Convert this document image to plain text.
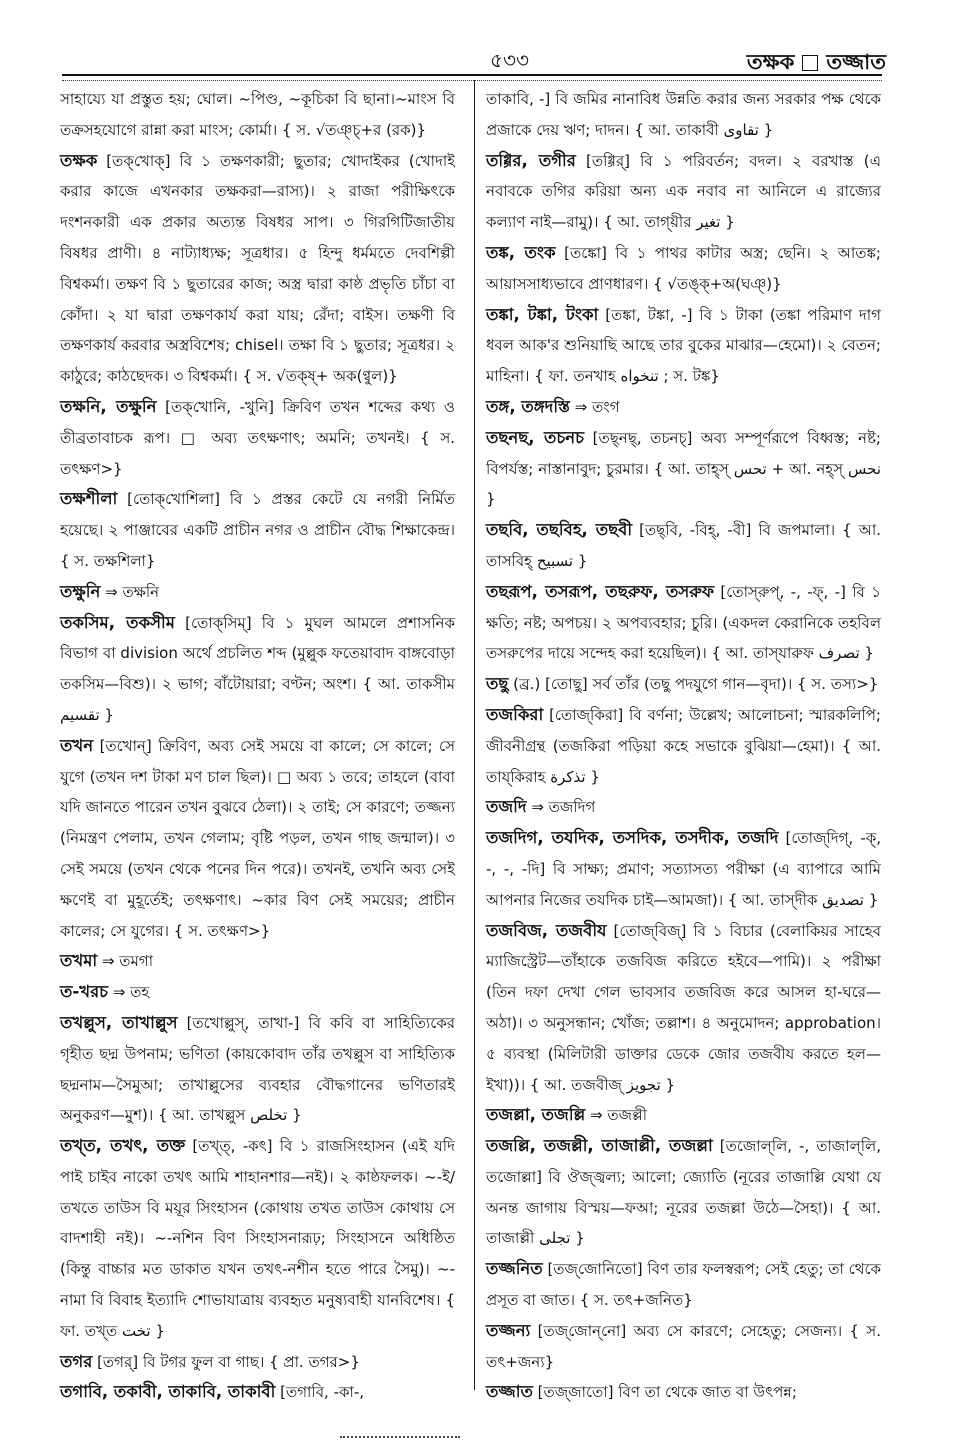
৫৩৩	তক্ষক তজ্জাত
সাহায্যে যা প্রস্তুত হয়; ঘোল। ~পিণ্ড, ~কূচিকা বি ছানা।~মাংস বি তক্রসহযোগে রান্না করা মাংস; কোর্মা। { স. √তঞ্চ্+র (রক)}
তক্ষক [তক্‌খোক্] বি ১ তক্ষণকারী; ছুতার; খোদাইকর (খোদাই করার কাজে এখনকার তক্ষকরা—রাস্য)। ২ রাজা পরীক্ষিৎকে দংশনকারী এক প্রকার অত্যন্ত বিষধর সাপ। ৩ গিরগিটিজাতীয় বিষধর প্রাণী। ৪ নাট্যাধ্যক্ষ; সূত্রধার। ৫ হিন্দু ধর্মমতে দেবশিল্পী বিশ্বকর্মা। তক্ষণ বি ১ ছুতারের কাজ; অস্ত্র দ্বারা কাষ্ঠ প্রভৃতি চাঁচা বা কোঁদা। ২ যা দ্বারা তক্ষণকার্য করা যায়; রেঁদা; বাইস। তক্ষণী বি তক্ষণকার্য করবার অস্ত্রবিশেষ; chisel। তক্ষা বি ১ ছুতার; সূত্রধর। ২ কাঠুরে; কাঠছেদক। ৩ বিশ্বকর্মা। { স. √তক্ষ্+ অক(ণ্বুল)}
তক্ষনি, তক্ষুনি [তক্‌খোনি, -খুনি] ক্রিবিণ তখন শব্দের কথ্য ও তীব্রতাবাচক রূপ। □ অব্য তৎক্ষণাৎ; অমনি; তখনই। { স. তৎক্ষণ>}
তক্ষশীলা [তোক্‌খোশিলা] বি ১ প্রস্তর কেটে যে নগরী নির্মিত হয়েছে। ২ পাঞ্জাবের একটি প্রাচীন নগর ও প্রাচীন বৌদ্ধ শিক্ষাকেন্দ্র। { স. তক্ষশিলা}
তক্ষুনি ⇒ তক্ষনি
তকসিম, তকসীম [তোক্‌সিম্] বি ১ মুঘল আমলে প্রশাসনিক বিভাগ বা division অর্থে প্রচলিত শব্দ (মুল্লুক ফতেয়াবাদ বাঙ্গবোড়া তকসিম—বিশু)। ২ ভাগ; বাঁটোয়ারা; বণ্টন; অংশ। { আ. তাকসীম تقسيم }
তখন [তখোন্] ক্রিবিণ, অব্য সেই সময়ে বা কালে; সে কালে; সে যুগে (তখন দশ টাকা মণ চাল ছিল)। □ অব্য ১ তবে; তাহলে (বাবা যদি জানতে পারেন তখন বুঝবে ঠেলা)। ২ তাই; সে কারণে; তজ্জন্য (নিমন্ত্রণ পেলাম, তখন গেলাম; বৃষ্টি পড়ল, তখন গাছ জন্মাল)। ৩ সেই সময়ে (তখন থেকে পনের দিন পরে)। তখনই, তখনি অব্য সেই ক্ষণেই বা মুহূর্তেই; তৎক্ষণাৎ। ~কার বিণ সেই সময়ের; প্রাচীন কালের; সে যুগের। { স. তৎক্ষণ>}
তখমা ⇒ তমগা
ত-খরচ ⇒ তহ
তখল্লুস, তাখাল্লুস [তখোল্লুস্, তাখা-] বি কবি বা সাহিত্যিকের গৃহীত ছদ্ম উপনাম; ভণিতা (কায়কোবাদ তাঁর তখল্লুস বা সাহিত্যিক ছদ্মনাম—সৈমুআ; তাখাল্লুসের ব্যবহার বৌদ্ধগানের ভণিতারই অনুকরণ—মুশ)। { আ. তাখল্লুস تخلص }
তখ্‌ত, তখৎ, তক্ত [তখ্‌ত্, -কৎ] বি ১ রাজসিংহাসন (এই যদি পাই চাইব নাকো তখৎ আমি শাহানশার—নই)। ২ কাষ্ঠফলক। ~-ই/তখতে তাউস বি ময়ূর সিংহাসন (কোথায় তখত তাউস কোথায় সে বাদশাহী নই)। ~-নশিন বিণ সিংহাসনারূঢ়; সিংহাসনে অধিষ্ঠিত (কিন্তু বাচ্চার মত ডাকাত যখন তখৎ-নশীন হতে পারে সৈমু)। ~-নামা বি বিবাহ ইত্যাদি শোভাযাত্রায় ব্যবহৃত মনুষ্যবাহী যানবিশেষ। { ফা. তখ্‌ত تخت }
তগর [তগর্] বি টগর ফুল বা গাছ। { প্রা. তগর>}
তগাবি, তকাবী, তাকাবি, তাকাবী [তগাবি, -কা-,
তাকাবি, -] বি জমির নানাবিধ উন্নতি করার জন্য সরকার পক্ষ থেকে প্রজাকে দেয় ঋণ; দাদন। { আ. তাকাবী تقاوی }
তগ্গির, তগীর [তগ্গির্] বি ১ পরিবর্তন; বদল। ২ বরখাস্ত (এ নবাবকে তগির করিয়া অন্য এক নবাব না আনিলে এ রাজ্যের কল্যাণ নাই—রামু)। { আ. তাগ্‌য়ীর تغير }
তঙ্ক, তংক [তঙ্কো] বি ১ পাথর কাটার অস্ত্র; ছেনি। ২ আতঙ্ক; আয়াসসাধ্যভাবে প্রাণধারণ। { √তঙ্ক্+অ(ঘঞ্)}
তঙ্কা, টঙ্কা, টংকা [তঙ্কা, টঙ্কা, -] বি ১ টাকা (তঙ্কা পরিমাণ দাগ ধবল আক'র শুনিয়াছি আছে তার বুকের মাঝার—হেমো)। ২ বেতন; মাহিনা। { ফা. তনখাহ تنخواه ; স. টঙ্ক}
তঙ্গ, তঙ্গদস্তি ⇒ তংগ
তছনছ, তচনচ [তছ্‌নছ্, তচনচ্] অব্য সম্পূর্ণরূপে বিধ্বস্ত; নষ্ট; বিপর্যস্ত; নাস্তানাবুদ; চুরমার। { আ. তাহ্‌স্ تحس + আ. নহ্‌স্ نحس }
তছবি, তছবিহ, তছবী [তছ্‌বি, -বিহ্, -বী] বি জপমালা। { আ. তাসবিহ্ تسبيح }
তছরূপ, তসরূপ, তছরুফ, তসরুফ [তোস্‌রুপ্, -, -ফ্, -] বি ১ ক্ষতি; নষ্ট; অপচয়। ২ অপব্যবহার; চুরি। (একদল কেরানিকে তহবিল তসরুপের দায়ে সন্দেহ করা হয়েছিল)। { আ. তাস্‌যারুফ تصرف }
তছু (ব্র.) [তোছু] সর্ব তাঁর (তছু পদযুগে গান—বৃদা)। { স. তস্য>}
তজকিরা [তোজ্‌কিরা] বি বর্ণনা; উল্লেখ; আলোচনা; স্মারকলিপি; জীবনীগ্রন্থ (তজকিরা পড়িয়া কহে সভাকে বুঝিয়া—হেমা)। { আ. তায্‌কিরাহ تذكرة }
তজদি ⇒ তজদিগ
তজদিগ, তযদিক, তসদিক, তসদীক, তজদি [তোজ্‌দিগ্, -ক্, -, -, -দি] বি সাক্ষ্য; প্রমাণ; সত্যাসত্য পরীক্ষা (এ ব্যাপারে আমি আপনার নিজের তযদিক চাই—আমজা)। { আ. তাস্‌দীক تصديق }
তজবিজ, তজবীয [তোজ্‌বিজ্] বি ১ বিচার (বেলাকিয়র সাহেব ম্যাজিস্ট্রেট—তাঁহাকে তজবিজ করিতে হইবে—পামি)। ২ পরীক্ষা (তিন দফা দেখা গেল ভাবসাব তজবিজ করে আসল হা-ঘরে—অঠা)। ৩ অনুসন্ধান; খোঁজ; তল্লাশ। ৪ অনুমোদন; approbation। ৫ ব্যবস্থা (মিলিটারী ডাক্তার ডেকে জোর তজবীয করতে হল—ইখা))। { আ. তজবীজ্ تجويز }
তজল্লা, তজল্লি ⇒ তজল্লী
তজল্লি, তজল্লী, তাজাল্লী, তজল্লা [তজোল্‌লি, -, তাজাল্‌লি, তজোল্লা] বি ঔজ্জ্বল্য; আলো; জ্যোতি (নূরের তাজাল্লি যেথা যে অনন্ত জাগায় বিস্ময়—ফআ; নূরের তজল্লা উঠে—সৈহা)। { আ. তাজাল্লী تجلى }
তজ্জনিত [তজ্‌জোনিতো] বিণ তার ফলস্বরূপ; সেই হেতু; তা থেকে প্রসূত বা জাত। { স. তৎ+জনিত}
তজ্জন্য [তজ্‌জোন্‌নো] অব্য সে কারণে; সেহেতু; সেজন্য। { স. তৎ+জন্য}
তজ্জাত [তজ্‌জাতো] বিণ তা থেকে জাত বা উৎপন্ন;
